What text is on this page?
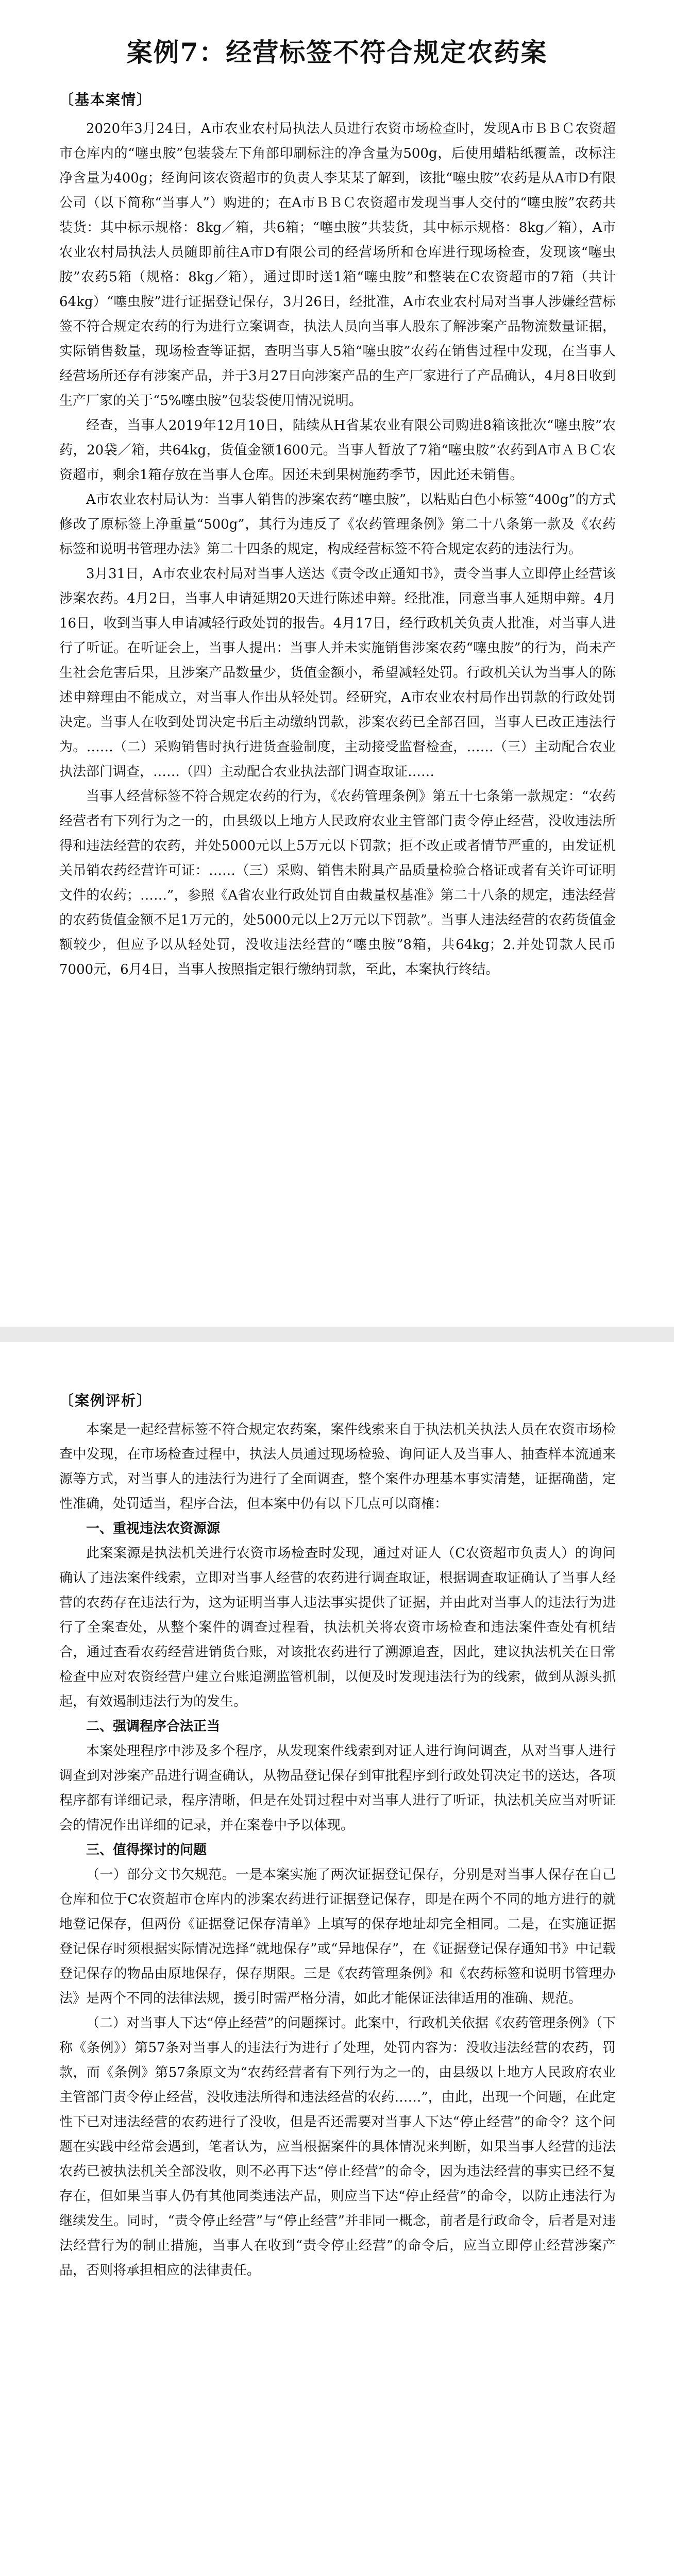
案例7：经营标签不符合规定农药案
〔基本案情〕

2020年3月24日，A市农业农村局执法人员进行农资市场检查时，发现A市ＢＢＣ农资超市仓库内的“噻虫胺”包装袋左下角部印刷标注的净含量为500g，后使用蜡粘纸覆盖，改标注净含量为400g；经询问该农资超市的负责人李某某了解到，该批“噻虫胺”农药是从A市D有限公司（以下简称“当事人”）购进的；在A市ＢＢＣ农资超市发现当事人交付的“噻虫胺”农药共装货：其中标示规格：8kg／箱，共6箱；“噻虫胺”共装货，其中标示规格：8kg／箱），A市农业农村局执法人员随即前往A市D有限公司的经营场所和仓库进行现场检查，发现该“噻虫胺”农药5箱（规格：8kg／箱），通过即时送1箱“噻虫胺”和整装在C农资超市的7箱（共计64kg）“噻虫胺”进行证据登记保存，3月26日，经批准，A市农业农村局对当事人涉嫌经营标签不符合规定农药的行为进行立案调查，执法人员向当事人股东了解涉案产品物流数量证据，实际销售数量，现场检查等证据，查明当事人5箱“噻虫胺”农药在销售过程中发现，在当事人经营场所还存有涉案产品，并于3月27日向涉案产品的生产厂家进行了产品确认，4月8日收到生产厂家的关于“5%噻虫胺”包装袋使用情况说明。

经查，当事人2019年12月10日，陆续从H省某农业有限公司购进8箱该批次“噻虫胺”农药，20袋／箱，共64kg，货值金额1600元。当事人暂放了7箱“噻虫胺”农药到A市ＡＢＣ农资超市，剩余1箱存放在当事人仓库。因还未到果树施药季节，因此还未销售。

A市农业农村局认为：当事人销售的涉案农药“噻虫胺”，以粘贴白色小标签“400g”的方式修改了原标签上净重量“500g”，其行为违反了《农药管理条例》第二十八条第一款及《农药标签和说明书管理办法》第二十四条的规定，构成经营标签不符合规定农药的违法行为。

3月31日，A市农业农村局对当事人送达《责令改正通知书》，责令当事人立即停止经营该涉案农药。4月2日，当事人申请延期20天进行陈述申辩。经批准，同意当事人延期申辩。4月16日，收到当事人申请减轻行政处罚的报告。4月17日，经行政机关负责人批准，对当事人进行了听证。在听证会上，当事人提出：当事人并未实施销售涉案农药“噻虫胺”的行为，尚未产生社会危害后果，且涉案产品数量少，货值金额小，希望减轻处罚。行政机关认为当事人的陈述申辩理由不能成立，对当事人作出从轻处罚。经研究，A市农业农村局作出罚款的行政处罚决定。当事人在收到处罚决定书后主动缴纳罚款，涉案农药已全部召回，当事人已改正违法行为。……（二）采购销售时执行进货查验制度，主动接受监督检查，……（三）主动配合农业执法部门调查，……（四）主动配合农业执法部门调查取证……

当事人经营标签不符合规定农药的行为，《农药管理条例》第五十七条第一款规定：“农药经营者有下列行为之一的，由县级以上地方人民政府农业主管部门责令停止经营，没收违法所得和违法经营的农药，并处5000元以上5万元以下罚款；拒不改正或者情节严重的，由发证机关吊销农药经营许可证：……（三）采购、销售未附具产品质量检验合格证或者有关许可证明文件的农药；……”，参照《A省农业行政处罚自由裁量权基准》第二十八条的规定，违法经营的农药货值金额不足1万元的，处5000元以上2万元以下罚款”。当事人违法经营的农药货值金额较少，但应予以从轻处罚，没收违法经营的“噻虫胺”8箱，共64kg；2.并处罚款人民币7000元，6月4日，当事人按照指定银行缴纳罚款，至此，本案执行终结。

〔案例评析〕

本案是一起经营标签不符合规定农药案，案件线索来自于执法机关执法人员在农资市场检查中发现，在市场检查过程中，执法人员通过现场检验、询问证人及当事人、抽查样本流通来源等方式，对当事人的违法行为进行了全面调查，整个案件办理基本事实清楚，证据确凿，定性准确，处罚适当，程序合法，但本案中仍有以下几点可以商榷：

一、重视违法农资源源

此案案源是执法机关进行农资市场检查时发现，通过对证人（C农资超市负责人）的询问确认了违法案件线索，立即对当事人经营的农药进行调查取证，根据调查取证确认了当事人经营的农药存在违法行为，这为证明当事人违法事实提供了证据，并由此对当事人的违法行为进行了全案查处，从整个案件的调查过程看，执法机关将农资市场检查和违法案件查处有机结合，通过查看农药经营进销货台账，对该批农药进行了溯源追查，因此，建议执法机关在日常检查中应对农资经营户建立台账追溯监管机制，以便及时发现违法行为的线索，做到从源头抓起，有效遏制违法行为的发生。

二、强调程序合法正当

本案处理程序中涉及多个程序，从发现案件线索到对证人进行询问调查，从对当事人进行调查到对涉案产品进行调查确认，从物品登记保存到审批程序到行政处罚决定书的送达，各项程序都有详细记录，程序清晰，但是在处罚过程中对当事人进行了听证，执法机关应当对听证会的情况作出详细的记录，并在案卷中予以体现。

三、值得探讨的问题

（一）部分文书欠规范。一是本案实施了两次证据登记保存，分别是对当事人保存在自己仓库和位于C农资超市仓库内的涉案农药进行证据登记保存，即是在两个不同的地方进行的就地登记保存，但两份《证据登记保存清单》上填写的保存地址却完全相同。二是，在实施证据登记保存时须根据实际情况选择“就地保存”或“异地保存”，在《证据登记保存通知书》中记载登记保存的物品由原地保存，保存期限。三是《农药管理条例》和《农药标签和说明书管理办法》是两个不同的法律法规，援引时需严格分清，如此才能保证法律适用的准确、规范。

（二）对当事人下达“停止经营”的问题探讨。此案中，行政机关依据《农药管理条例》（下称《条例》）第57条对当事人的违法行为进行了处理，处罚内容为：没收违法经营的农药，罚款，而《条例》第57条原文为“农药经营者有下列行为之一的，由县级以上地方人民政府农业主管部门责令停止经营，没收违法所得和违法经营的农药……”，由此，出现一个问题，在此定性下已对违法经营的农药进行了没收，但是否还需要对当事人下达“停止经营”的命令？这个问题在实践中经常会遇到，笔者认为，应当根据案件的具体情况来判断，如果当事人经营的违法农药已被执法机关全部没收，则不必再下达“停止经营”的命令，因为违法经营的事实已经不复存在，但如果当事人仍有其他同类违法产品，则应当下达“停止经营”的命令，以防止违法行为继续发生。同时，“责令停止经营”与“停止经营”并非同一概念，前者是行政命令，后者是对违法经营行为的制止措施，当事人在收到“责令停止经营”的命令后，应当立即停止经营涉案产品，否则将承担相应的法律责任。
